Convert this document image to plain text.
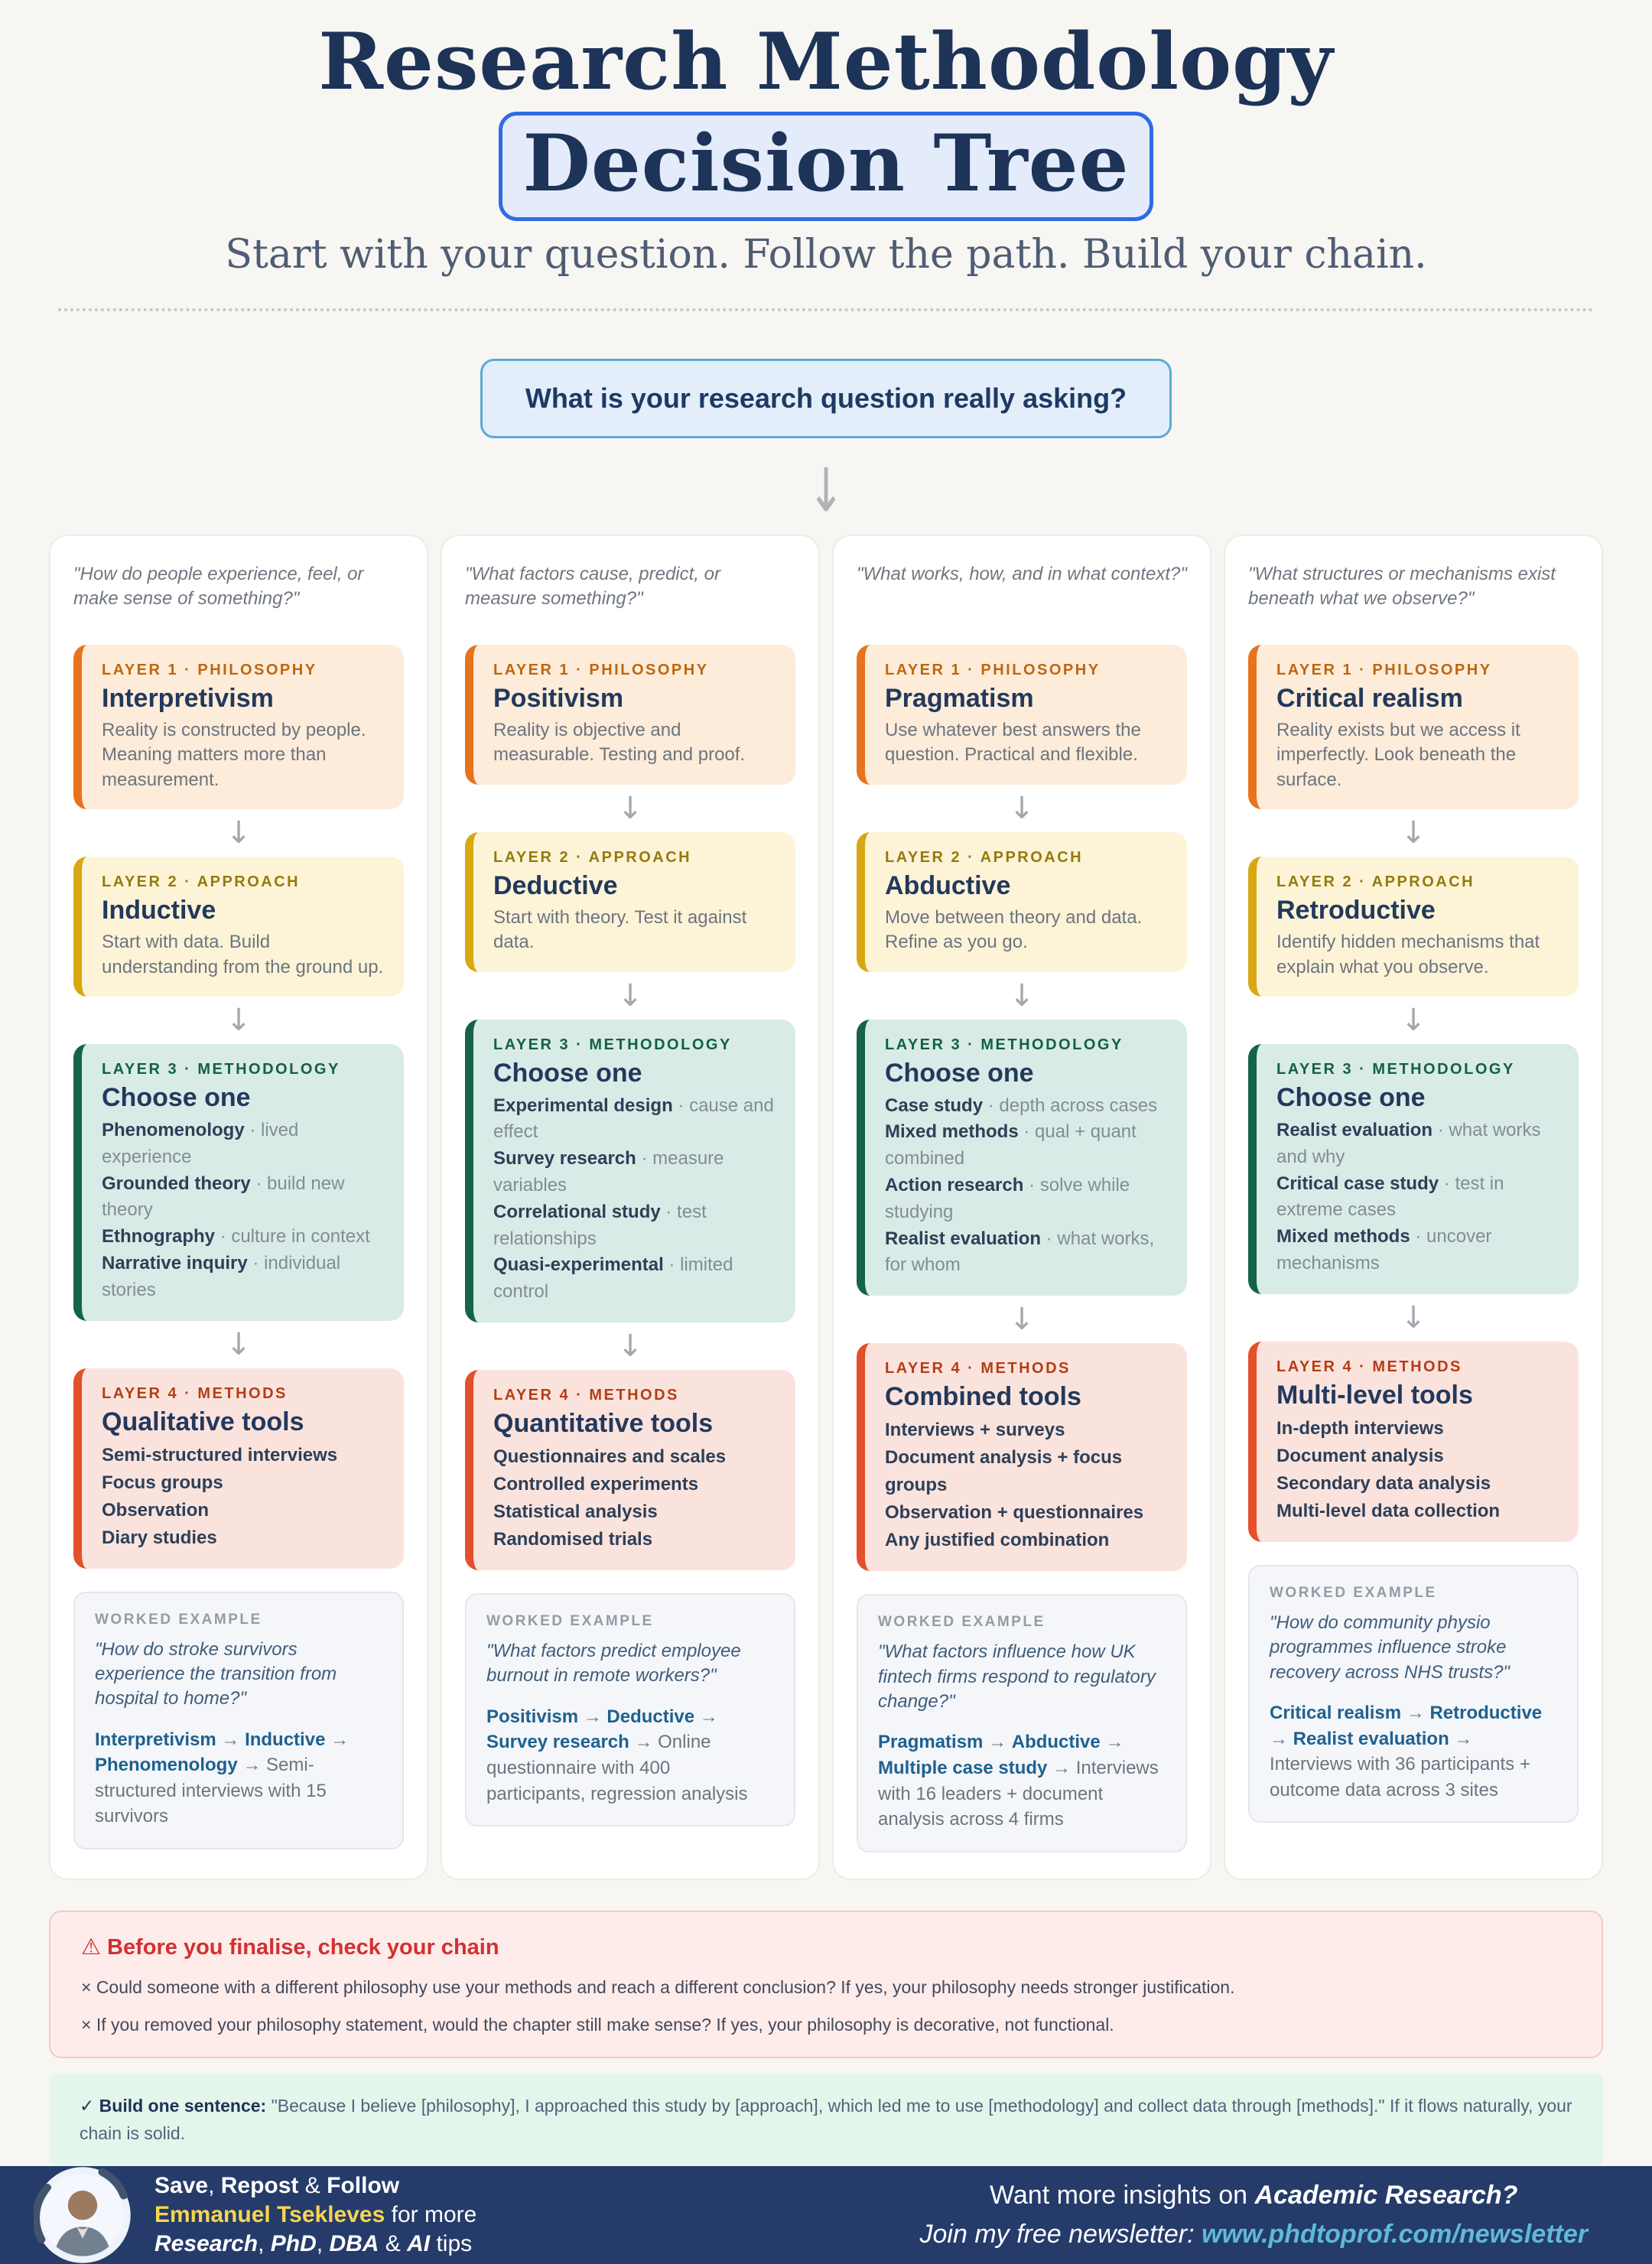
Research Methodology Decision Tree
Start with your question. Follow the path. Build your chain.
What is your research question really asking?
↓

"How do people experience, feel, or make sense of something?"

LAYER 1 · PHILOSOPHY
Interpretivism

Reality is constructed by people. Meaning matters more than measurement.

↓
LAYER 2 · APPROACH
Inductive

Start with data. Build understanding from the ground up.

↓
LAYER 3 · METHODOLOGY
Choose one

Phenomenology · lived experience

Grounded theory · build new theory

Ethnography · culture in context

Narrative inquiry · individual stories

↓
LAYER 4 · METHODS
Qualitative tools

Semi-structured interviews

Focus groups

Observation

Diary studies

WORKED EXAMPLE

"How do stroke survivors experience the transition from hospital to home?"

Interpretivism → Inductive → Phenomenology → Semi-structured interviews with 15 survivors

"What factors cause, predict, or measure something?"

LAYER 1 · PHILOSOPHY
Positivism

Reality is objective and measurable. Testing and proof.

↓
LAYER 2 · APPROACH
Deductive

Start with theory. Test it against data.

↓
LAYER 3 · METHODOLOGY
Choose one

Experimental design · cause and effect

Survey research · measure variables

Correlational study · test relationships

Quasi-experimental · limited control

↓
LAYER 4 · METHODS
Quantitative tools

Questionnaires and scales

Controlled experiments

Statistical analysis

Randomised trials

WORKED EXAMPLE

"What factors predict employee burnout in remote workers?"

Positivism → Deductive → Survey research → Online questionnaire with 400 participants, regression analysis

"What works, how, and in what context?"

LAYER 1 · PHILOSOPHY
Pragmatism

Use whatever best answers the question. Practical and flexible.

↓
LAYER 2 · APPROACH
Abductive

Move between theory and data. Refine as you go.

↓
LAYER 3 · METHODOLOGY
Choose one

Case study · depth across cases

Mixed methods · qual + quant combined

Action research · solve while studying

Realist evaluation · what works, for whom

↓
LAYER 4 · METHODS
Combined tools

Interviews + surveys

Document analysis + focus groups

Observation + questionnaires

Any justified combination

WORKED EXAMPLE

"What factors influence how UK fintech firms respond to regulatory change?"

Pragmatism → Abductive → Multiple case study → Interviews with 16 leaders + document analysis across 4 firms

"What structures or mechanisms exist beneath what we observe?"

LAYER 1 · PHILOSOPHY
Critical realism

Reality exists but we access it imperfectly. Look beneath the surface.

↓
LAYER 2 · APPROACH
Retroductive

Identify hidden mechanisms that explain what you observe.

↓
LAYER 3 · METHODOLOGY
Choose one

Realist evaluation · what works and why

Critical case study · test in extreme cases

Mixed methods · uncover mechanisms

↓
LAYER 4 · METHODS
Multi-level tools

In-depth interviews

Document analysis

Secondary data analysis

Multi-level data collection

WORKED EXAMPLE

"How do community physio programmes influence stroke recovery across NHS trusts?"

Critical realism → Retroductive → Realist evaluation → Interviews with 36 participants + outcome data across 3 sites

⚠ Before you finalise, check your chain

× Could someone with a different philosophy use your methods and reach a different conclusion? If yes, your philosophy needs stronger justification.

× If you removed your philosophy statement, would the chapter still make sense? If yes, your philosophy is decorative, not functional.

✓ Build one sentence: "Because I believe [philosophy], I approached this study by [approach], which led me to use [methodology] and collect data through [methods]." If it flows naturally, your chain is solid.
Save, Repost & Follow
Emmanuel Tsekleves for more
Research, PhD, DBA & AI tips
Want more insights on Academic Research?
Join my free newsletter: www.phdtoprof.com/newsletter
